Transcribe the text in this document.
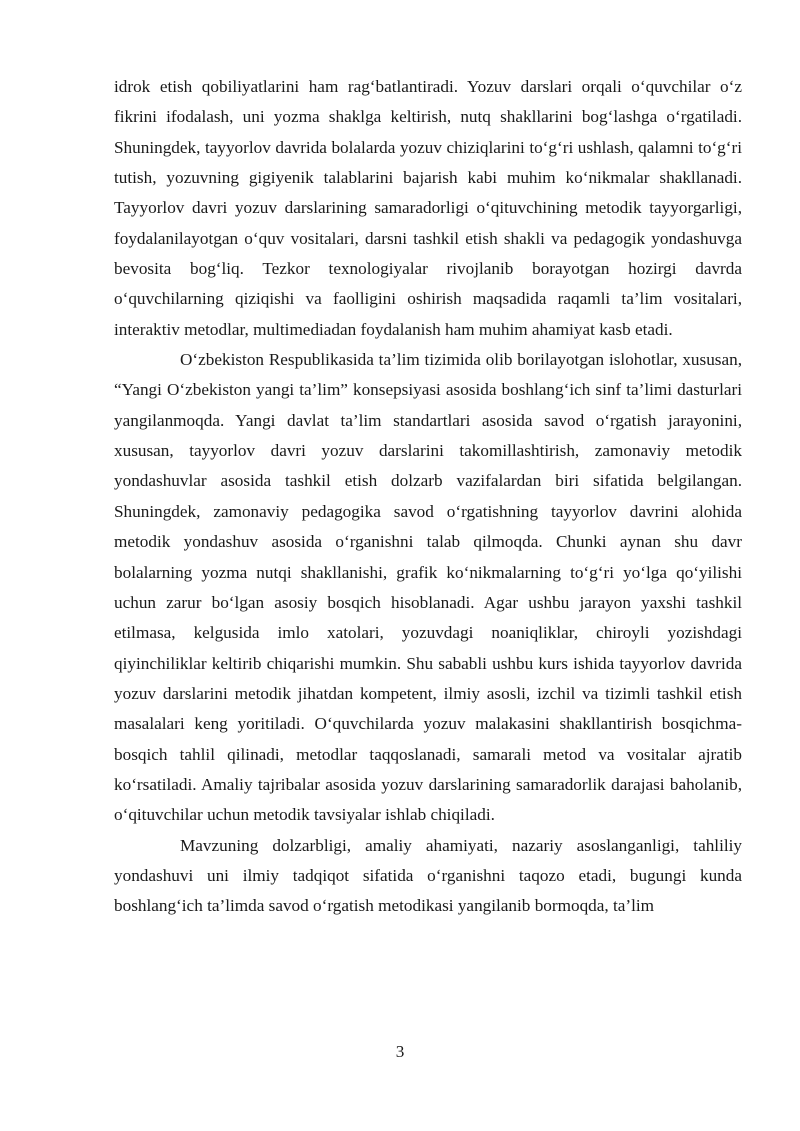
idrok etish qobiliyatlarini ham rag‘batlantiradi. Yozuv darslari orqali o‘quvchilar o‘z fikrini ifodalash, uni yozma shaklga keltirish, nutq shakllarini bog‘lashga o‘rgatiladi. Shuningdek, tayyorlov davrida bolalarda yozuv chiziqlarini to‘g‘ri ushlash, qalamni to‘g‘ri tutish, yozuvning gigiyenik talablarini bajarish kabi muhim ko‘nikmalar shakllanadi. Tayyorlov davri yozuv darslarining samaradorligi o‘qituvchining metodik tayyorgarligi, foydalanilayotgan o‘quv vositalari, darsni tashkil etish shakli va pedagogik yondashuvga bevosita bog‘liq. Tezkor texnologiyalar rivojlanib borayotgan hozirgi davrda o‘quvchilarning qiziqishi va faolligini oshirish maqsadida raqamli ta’lim vositalari, interaktiv metodlar, multimediadan foydalanish ham muhim ahamiyat kasb etadi.

O‘zbekiston Respublikasida ta’lim tizimida olib borilayotgan islohotlar, xususan, “Yangi O‘zbekiston yangi ta’lim” konsepsiyasi asosida boshlang‘ich sinf ta’limi dasturlari yangilanmoqda. Yangi davlat ta’lim standartlari asosida savod o‘rgatish jarayonini, xususan, tayyorlov davri yozuv darslarini takomillashtirish, zamonaviy metodik yondashuvlar asosida tashkil etish dolzarb vazifalardan biri sifatida belgilangan. Shuningdek, zamonaviy pedagogika savod o‘rgatishning tayyorlov davrini alohida metodik yondashuv asosida o‘rganishni talab qilmoqda. Chunki aynan shu davr bolalarning yozma nutqi shakllanishi, grafik ko‘nikmalarning to‘g‘ri yo‘lga qo‘yilishi uchun zarur bo‘lgan asosiy bosqich hisoblanadi. Agar ushbu jarayon yaxshi tashkil etilmasa, kelgusida imlo xatolari, yozuvdagi noaniqliklar, chiroyli yozishdagi qiyinchiliklar keltirib chiqarishi mumkin. Shu sababli ushbu kurs ishida tayyorlov davrida yozuv darslarini metodik jihatdan kompetent, ilmiy asosli, izchil va tizimli tashkil etish masalalari keng yoritiladi. O‘quvchilarda yozuv malakasini shakllantirish bosqichma-bosqich tahlil qilinadi, metodlar taqqoslanadi, samarali metod va vositalar ajratib ko‘rsatiladi. Amaliy tajribalar asosida yozuv darslarining samaradorlik darajasi baholanib, o‘qituvchilar uchun metodik tavsiyalar ishlab chiqiladi.

Mavzuning dolzarbligi, amaliy ahamiyati, nazariy asoslanganligi, tahliliy yondashuvi uni ilmiy tadqiqot sifatida o‘rganishni taqozo etadi, bugungi kunda boshlang‘ich ta’limda savod o‘rgatish metodikasi yangilanib bormoqda, ta’lim

3
